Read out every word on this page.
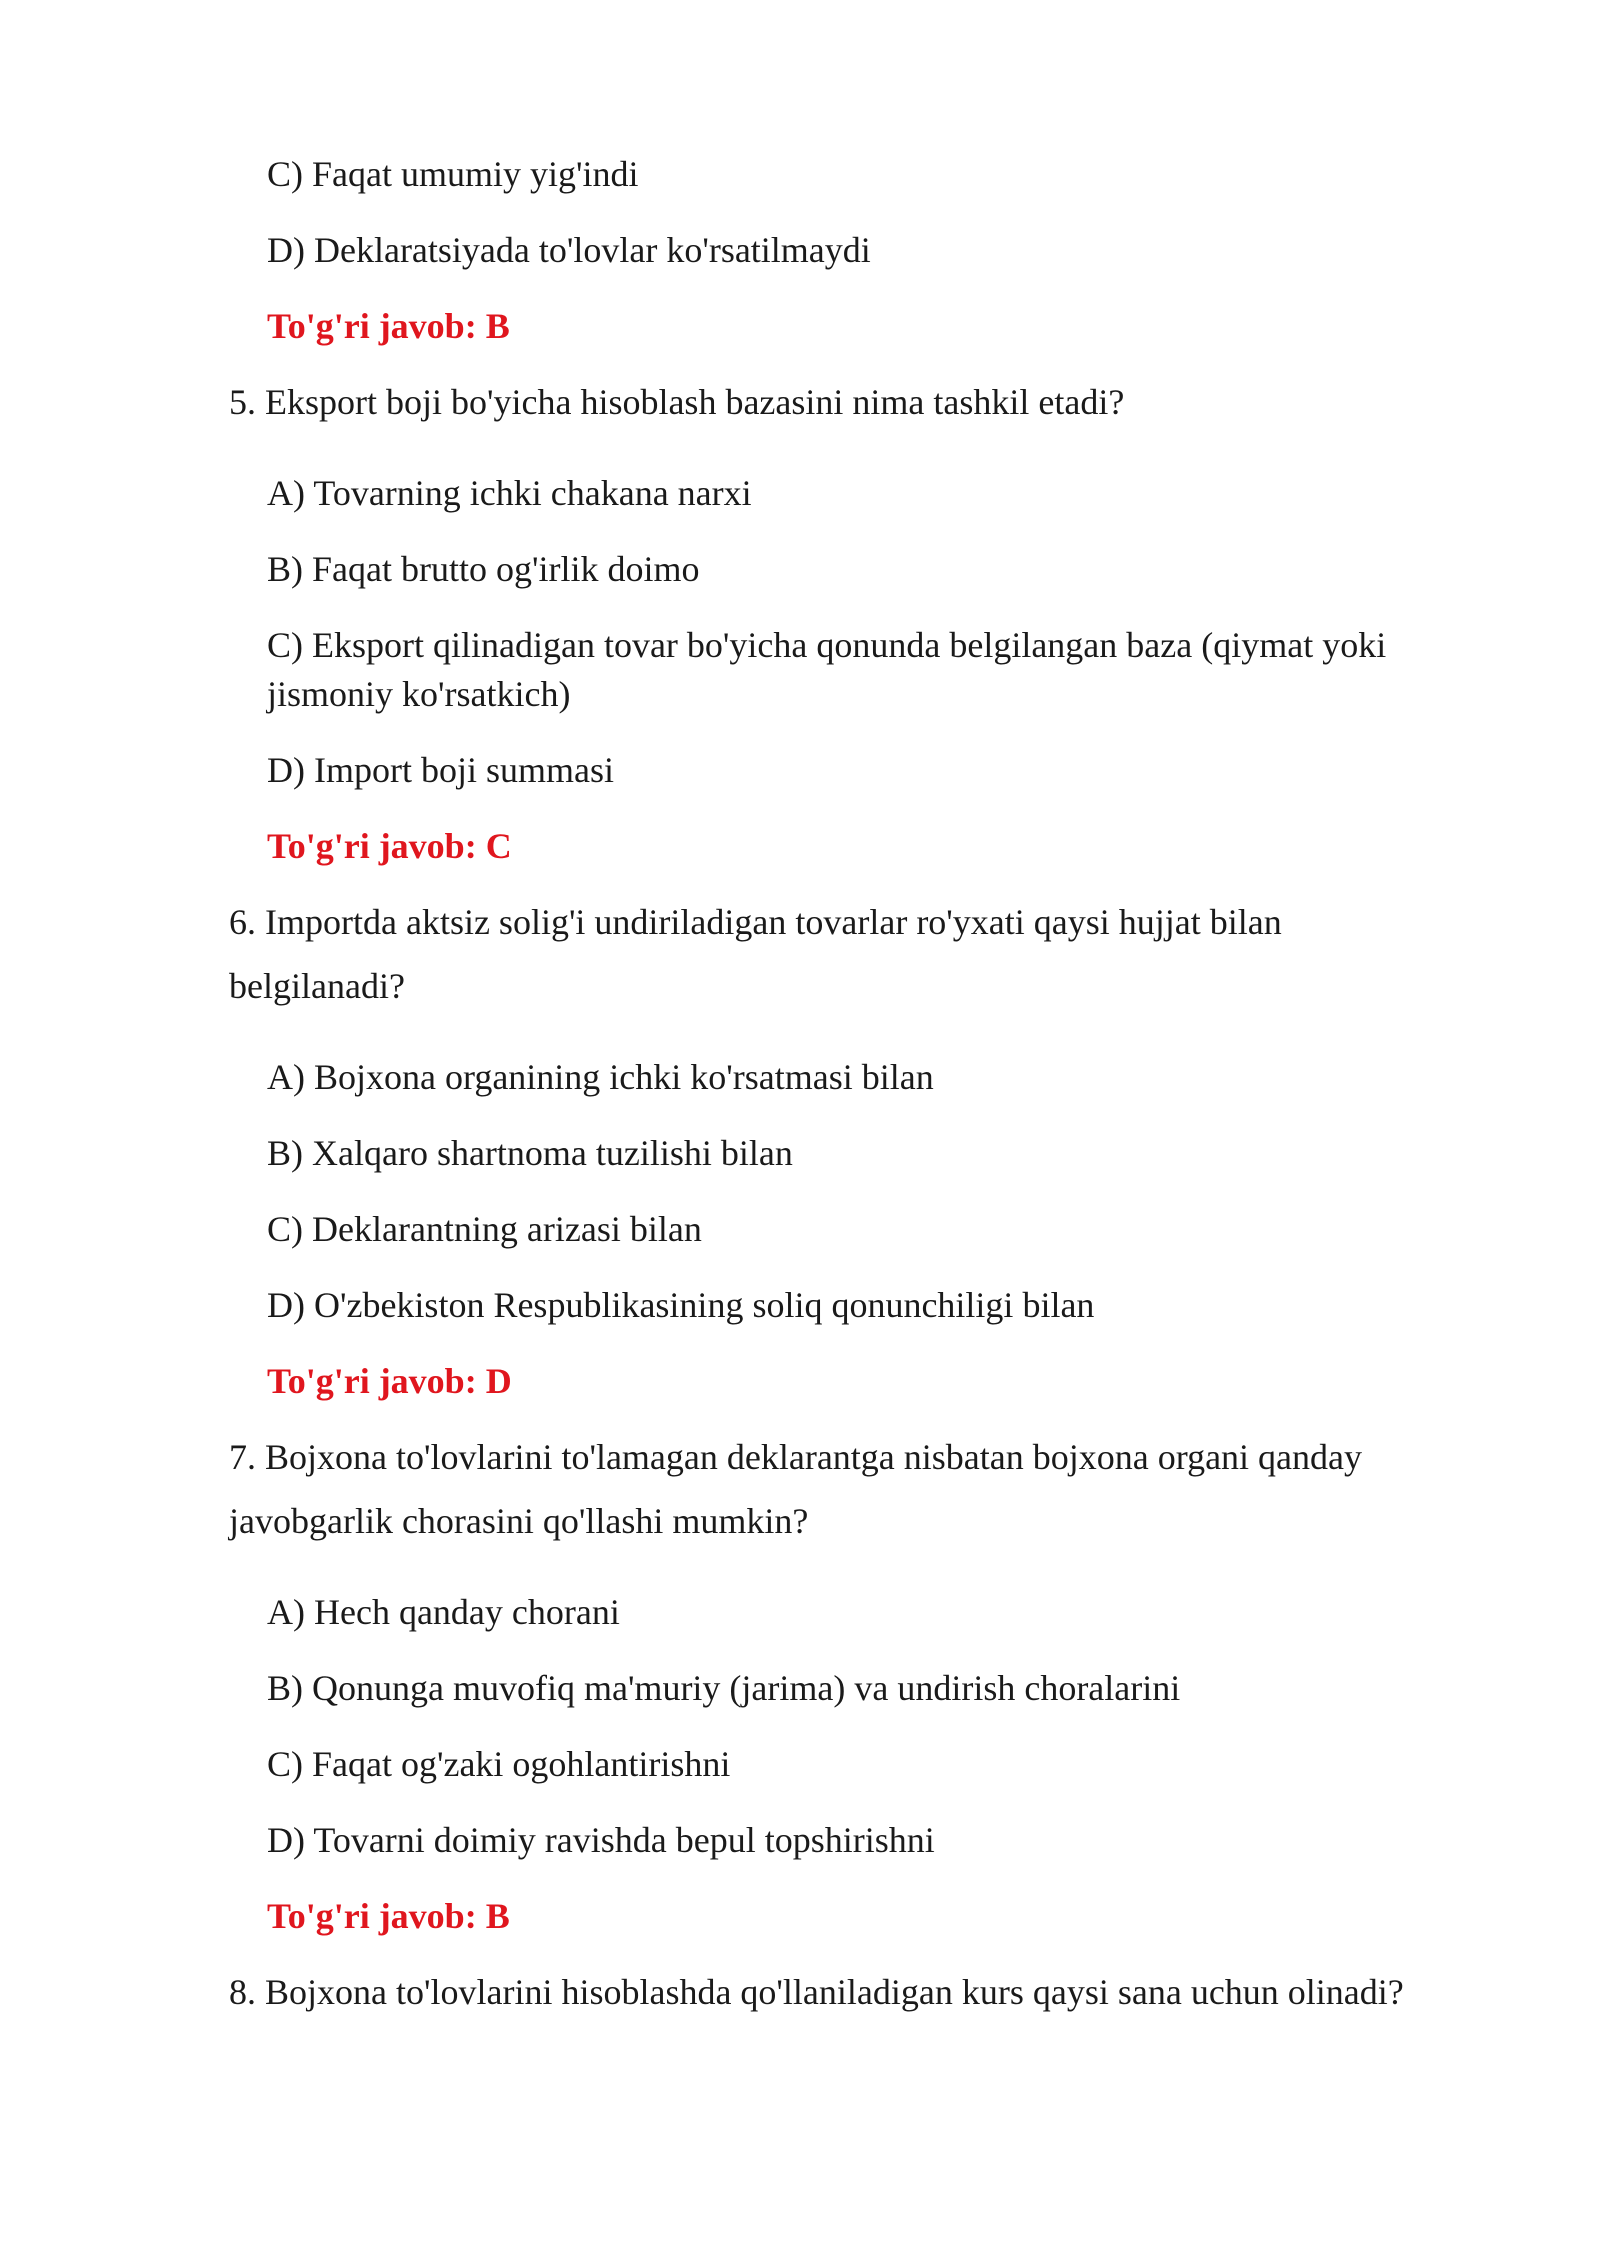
C) Faqat umumiy yig'indi
D) Deklaratsiyada to'lovlar ko'rsatilmaydi
To'g'ri javob: B
5. Eksport boji bo'yicha hisoblash bazasini nima tashkil etadi?
A) Tovarning ichki chakana narxi
B) Faqat brutto og'irlik doimo
C) Eksport qilinadigan tovar bo'yicha qonunda belgilangan baza (qiymat yoki
jismoniy ko'rsatkich)
D) Import boji summasi
To'g'ri javob: C
6. Importda aktsiz solig'i undiriladigan tovarlar ro'yxati qaysi hujjat bilan
belgilanadi?
A) Bojxona organining ichki ko'rsatmasi bilan
B) Xalqaro shartnoma tuzilishi bilan
C) Deklarantning arizasi bilan
D) O'zbekiston Respublikasining soliq qonunchiligi bilan
To'g'ri javob: D
7. Bojxona to'lovlarini to'lamagan deklarantga nisbatan bojxona organi qanday
javobgarlik chorasini qo'llashi mumkin?
A) Hech qanday chorani
B) Qonunga muvofiq ma'muriy (jarima) va undirish choralarini
C) Faqat og'zaki ogohlantirishni
D) Tovarni doimiy ravishda bepul topshirishni
To'g'ri javob: B
8. Bojxona to'lovlarini hisoblashda qo'llaniladigan kurs qaysi sana uchun olinadi?
